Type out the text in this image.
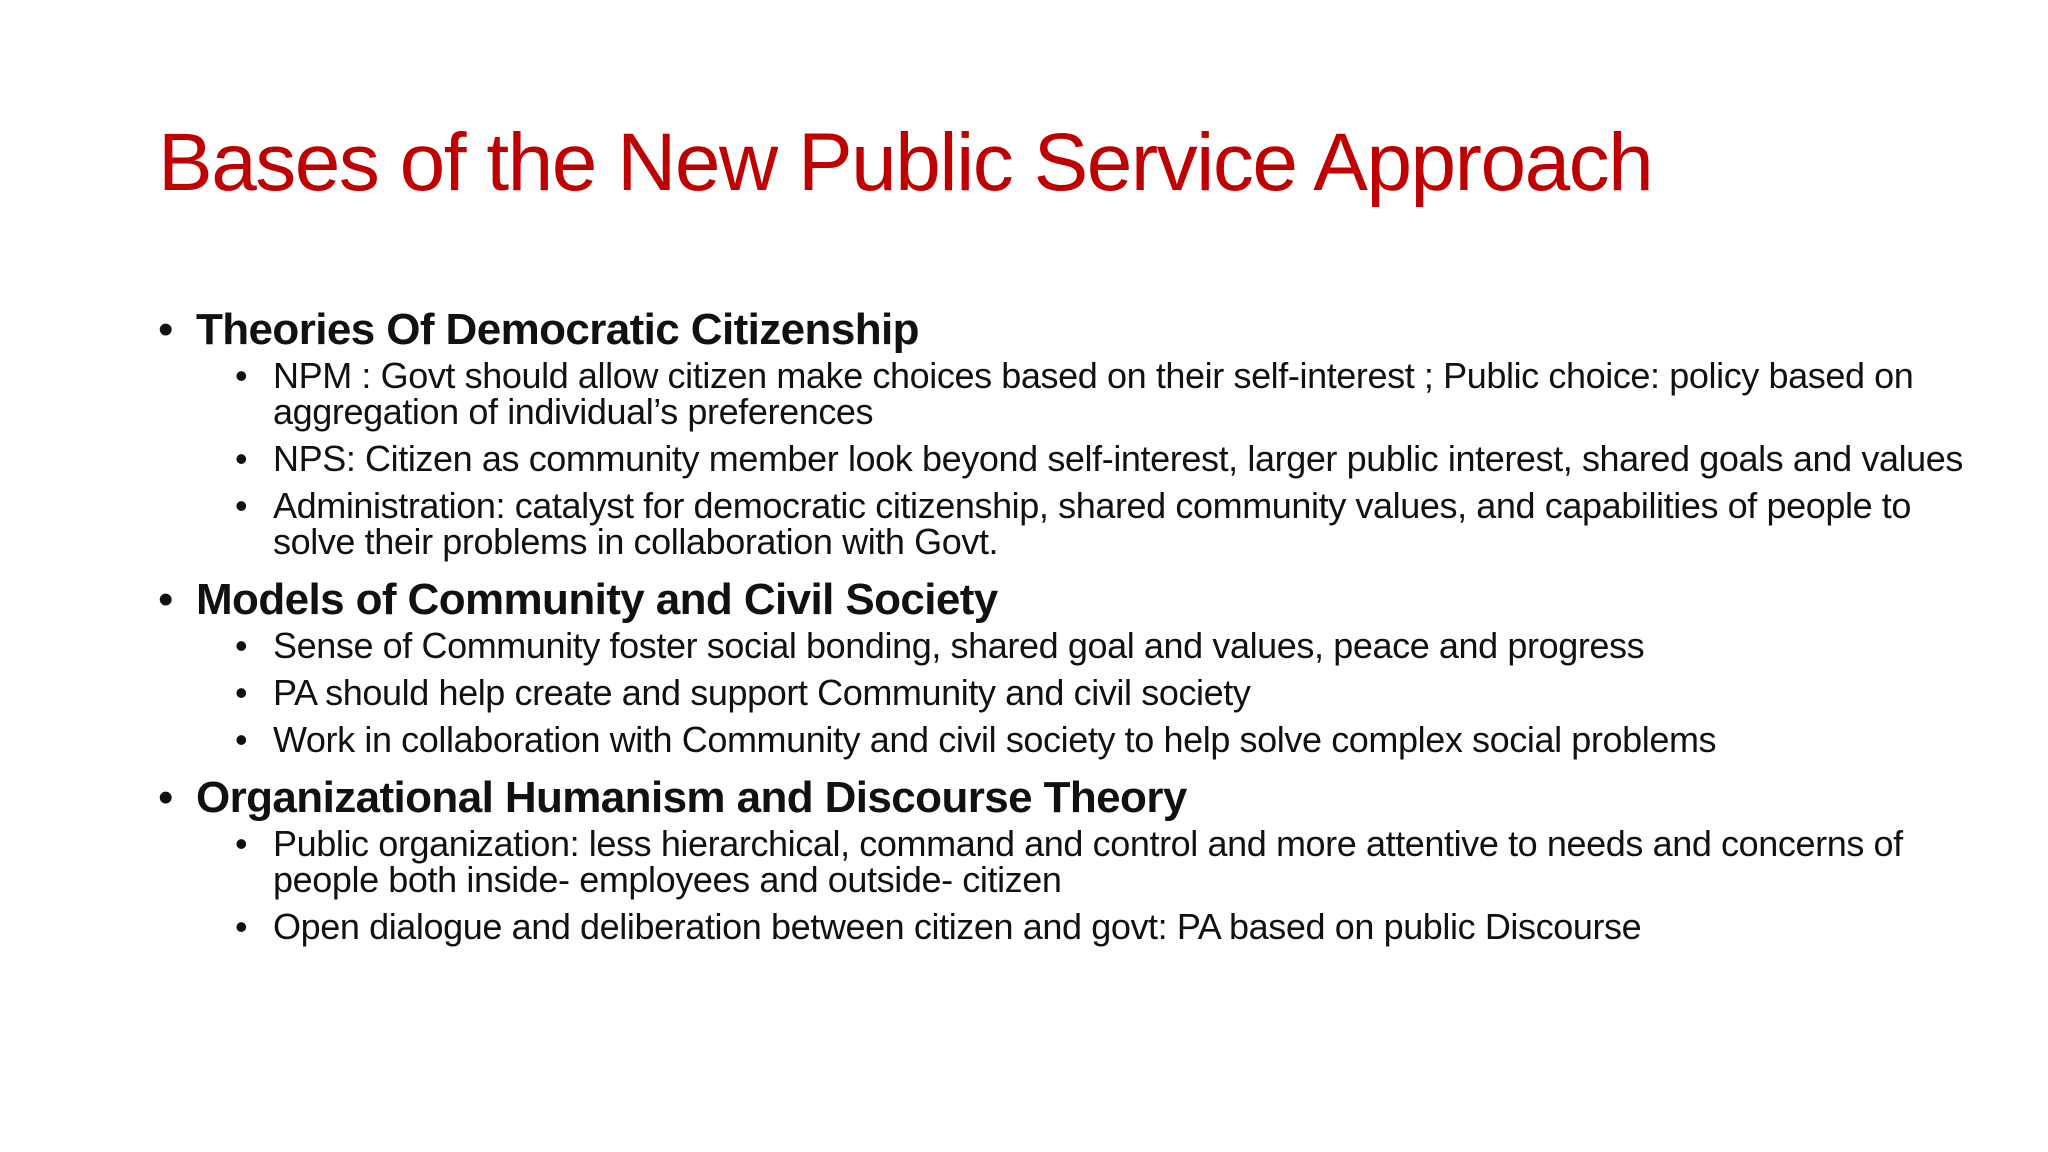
Bases of the New Public Service Approach
• Theories Of Democratic Citizenship
• NPM : Govt should allow citizen make choices based on their self-interest ; Public choice: policy based on aggregation of individual’s preferences
• NPS: Citizen as community member look beyond self-interest, larger public interest, shared goals and values
• Administration: catalyst for democratic citizenship, shared community values, and capabilities of people to solve their problems in collaboration with Govt.
• Models of Community and Civil Society
• Sense of Community foster social bonding, shared goal and values, peace and progress
• PA should help create and support Community and civil society
• Work in collaboration with Community and civil society to help solve complex social problems
• Organizational Humanism and Discourse Theory
• Public organization: less hierarchical, command and control and more attentive to needs and concerns of people both inside- employees and outside- citizen
• Open dialogue and deliberation between citizen and govt: PA based on public Discourse
